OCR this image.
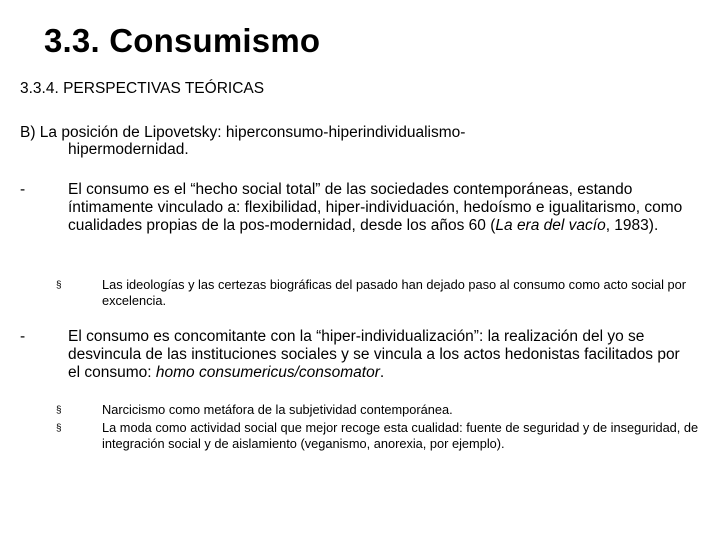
3.3. Consumismo
3.3.4. PERSPECTIVAS TEÓRICAS
B) La posición de Lipovetsky: hiperconsumo-hiperindividualismo-
hipermodernidad.
-	El consumo es el “hecho social total” de las sociedades contemporáneas, estando íntimamente vinculado a: flexibilidad, hiper-individuación, hedoísmo e igualitarismo, como cualidades propias de la pos-modernidad, desde los años 60 (La era del vacío, 1983).
§	Las ideologías y las certezas biográficas del pasado han dejado paso al consumo como acto social por excelencia.
-	El consumo es concomitante con la “hiper-individualización”: la realización del yo se desvincula de las instituciones sociales y se vincula a los actos hedonistas facilitados por el consumo: homo consumericus/consomator.
§	Narcicismo como metáfora de la subjetividad contemporánea.
§	La moda como actividad social que mejor recoge esta cualidad: fuente de seguridad y de inseguridad, de integración social y de aislamiento (veganismo, anorexia, por ejemplo).
